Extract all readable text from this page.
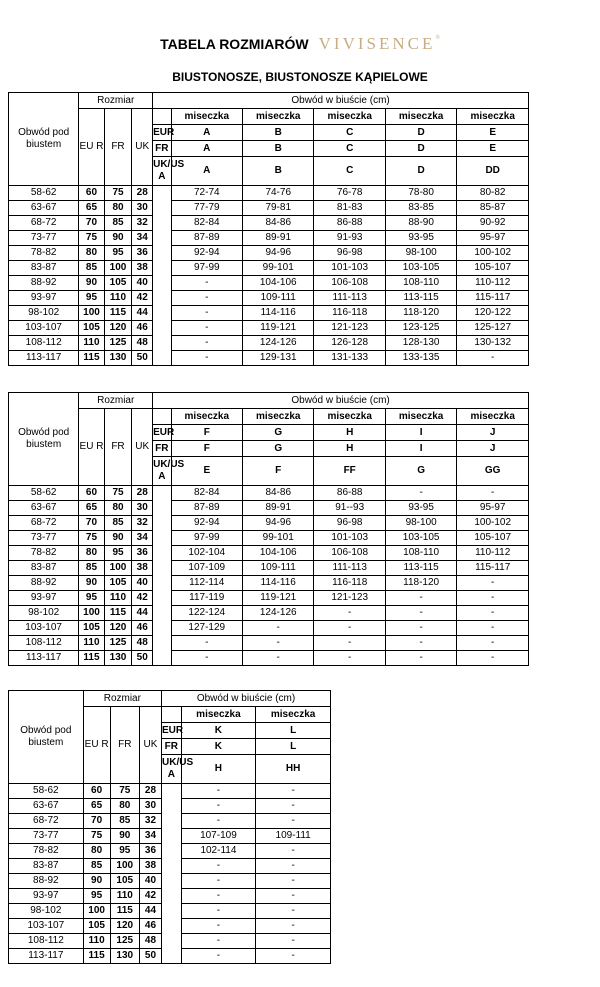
TABELA ROZMIARÓW VIVISENCE®
BIUSTONOSZE, BIUSTONOSZE KĄPIELOWE
Obwód pod biustem	Rozmiar			Obwód w biuście (cm)					
	EU R	FR	UK		miseczka	miseczka	miseczka	miseczka	miseczka
				EUR	A	B	C	D	E
				FR	A	B	C	D	E
				UK/US A	A	B	C	D	DD
58-62	60	75	28		72-74	74-76	76-78	78-80	80-82
63-67	65	80	30		77-79	79-81	81-83	83-85	85-87
68-72	70	85	32		82-84	84-86	86-88	88-90	90-92
73-77	75	90	34		87-89	89-91	91-93	93-95	95-97
78-82	80	95	36		92-94	94-96	96-98	98-100	100-102
83-87	85	100	38		97-99	99-101	101-103	103-105	105-107
88-92	90	105	40		-	104-106	106-108	108-110	110-112
93-97	95	110	42		-	109-111	111-113	113-115	115-117
98-102	100	115	44		-	114-116	116-118	118-120	120-122
103-107	105	120	46		-	119-121	121-123	123-125	125-127
108-112	110	125	48		-	124-126	126-128	128-130	130-132
113-117	115	130	50		-	129-131	131-133	133-135	-
Obwód pod biustem	Rozmiar			Obwód w biuście (cm)					
	EU R	FR	UK		miseczka	miseczka	miseczka	miseczka	miseczka
				EUR	F	G	H	I	J
				FR	F	G	H	I	J
				UK/US A	E	F	FF	G	GG
58-62	60	75	28		82-84	84-86	86-88	-	-
63-67	65	80	30		87-89	89-91	91--93	93-95	95-97
68-72	70	85	32		92-94	94-96	96-98	98-100	100-102
73-77	75	90	34		97-99	99-101	101-103	103-105	105-107
78-82	80	95	36		102-104	104-106	106-108	108-110	110-112
83-87	85	100	38		107-109	109-111	111-113	113-115	115-117
88-92	90	105	40		112-114	114-116	116-118	118-120	-
93-97	95	110	42		117-119	119-121	121-123	-	-
98-102	100	115	44		122-124	124-126	-	-	-
103-107	105	120	46		127-129	-	-	-	-
108-112	110	125	48		-	-	-	-	-
113-117	115	130	50		-	-	-	-	-
Obwód pod biustem	Rozmiar			Obwód w biuście (cm)		
	EU R	FR	UK		miseczka	miseczka
				EUR	K	L
				FR	K	L
				UK/US A	H	HH
58-62	60	75	28		-	-
63-67	65	80	30		-	-
68-72	70	85	32		-	-
73-77	75	90	34		107-109	109-111
78-82	80	95	36		102-114	-
83-87	85	100	38		-	-
88-92	90	105	40		-	-
93-97	95	110	42		-	-
98-102	100	115	44		-	-
103-107	105	120	46		-	-
108-112	110	125	48		-	-
113-117	115	130	50		-	-
